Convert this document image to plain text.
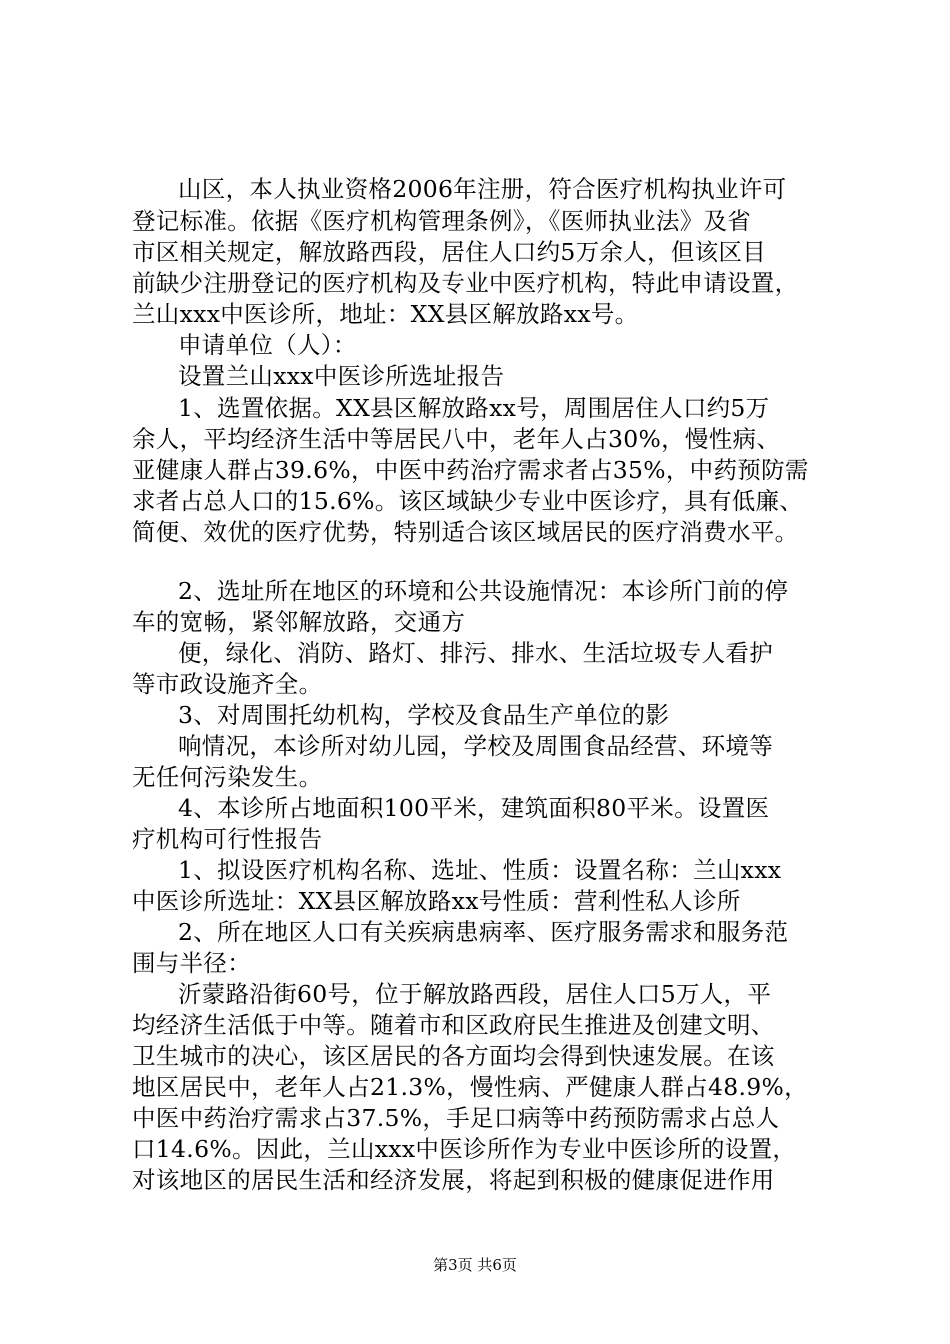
山区，本人执业资格2006年注册，符合医疗机构执业许可
登记标准。依据《医疗机构管理条例》，《医师执业法》及省
市区相关规定，解放路西段，居住人口约5万余人，但该区目
前缺少注册登记的医疗机构及专业中医疗机构，特此申请设置，
兰山xxx中医诊所，地址：XX县区解放路xx号。
申请单位（人）：
设置兰山xxx中医诊所选址报告
1、选置依据。XX县区解放路xx号，周围居住人口约5万
余人，平均经济生活中等居民八中，老年人占30%，慢性病、
亚健康人群占39.6%，中医中药治疗需求者占35%，中药预防需
求者占总人口的15.6%。该区域缺少专业中医诊疗，具有低廉、
简便、效优的医疗优势，特别适合该区域居民的医疗消费水平。
2、选址所在地区的环境和公共设施情况：本诊所门前的停
车的宽畅，紧邻解放路，交通方
便，绿化、消防、路灯、排污、排水、生活垃圾专人看护
等市政设施齐全。
3、对周围托幼机构，学校及食品生产单位的影
响情况，本诊所对幼儿园，学校及周围食品经营、环境等
无任何污染发生。
4、本诊所占地面积100平米，建筑面积80平米。设置医
疗机构可行性报告
1、拟设医疗机构名称、选址、性质：设置名称：兰山xxx
中医诊所选址：XX县区解放路xx号性质：营利性私人诊所
2、所在地区人口有关疾病患病率、医疗服务需求和服务范
围与半径：
沂蒙路沿街60号，位于解放路西段，居住人口5万人，平
均经济生活低于中等。随着市和区政府民生推进及创建文明、
卫生城市的决心，该区居民的各方面均会得到快速发展。在该
地区居民中，老年人占21.3%，慢性病、严健康人群占48.9%，
中医中药治疗需求占37.5%，手足口病等中药预防需求占总人
口14.6%。因此，兰山xxx中医诊所作为专业中医诊所的设置，
对该地区的居民生活和经济发展，将起到积极的健康促进作用
第3页 共6页
